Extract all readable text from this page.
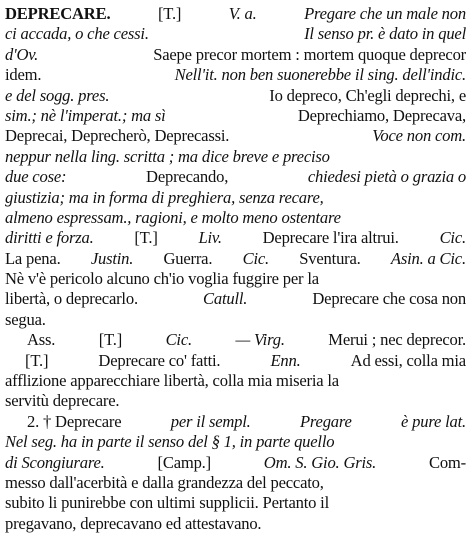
DEPRECARE.	[T.]	V. a.	Pregare che un male non
ci accada, o che cessi.	Il senso pr. è dato in quel
d'Ov.	Saepe precor mortem : mortem quoque deprecor
idem.	Nell'it. non ben suonerebbe il sing. dell'indic.
e del sogg. pres.	Io depreco, Ch'egli deprechi, e
sim.; nè l'imperat.; ma sì	Deprechiamo, Deprecava,
Deprecai, Deprecherò, Deprecassi.	Voce non com.
neppur nella ling. scritta ; ma dice breve e preciso
due cose:	Deprecando,	chiedesi pietà o grazia o
giustizia; ma in forma di preghiera, senza recare,
almeno espressam., ragioni, e molto meno ostentare
diritti e forza. [T.] Liv. Deprecare l'ira altrui. Cic.
La pena. Justin. Guerra. Cic. Sventura. Asin. a Cic.
Nè v'è pericolo alcuno ch'io voglia fuggire per la
libertà, o deprecarlo.	Catull.	Deprecare che cosa non
segua.
Ass.	[T.]	Cic.	— Virg.	Merui ; nec deprecor.
[T.]	Deprecare co' fatti.	Enn.	Ad essi, colla mia
afflizione apparecchiare libertà, colla mia miseria la
servitù deprecare.
2. † Deprecare	per il sempl.	Pregare	è pure lat.
Nel seg. ha in parte il senso del § 1, in parte quello
di Scongiurare.	[Camp.]	Om. S. Gio. Gris.	Com-
messo dall'acerbità e dalla grandezza del peccato,
subito li punirebbe con ultimi supplicii. Pertanto il
pregavano, deprecavano ed attestavano.
